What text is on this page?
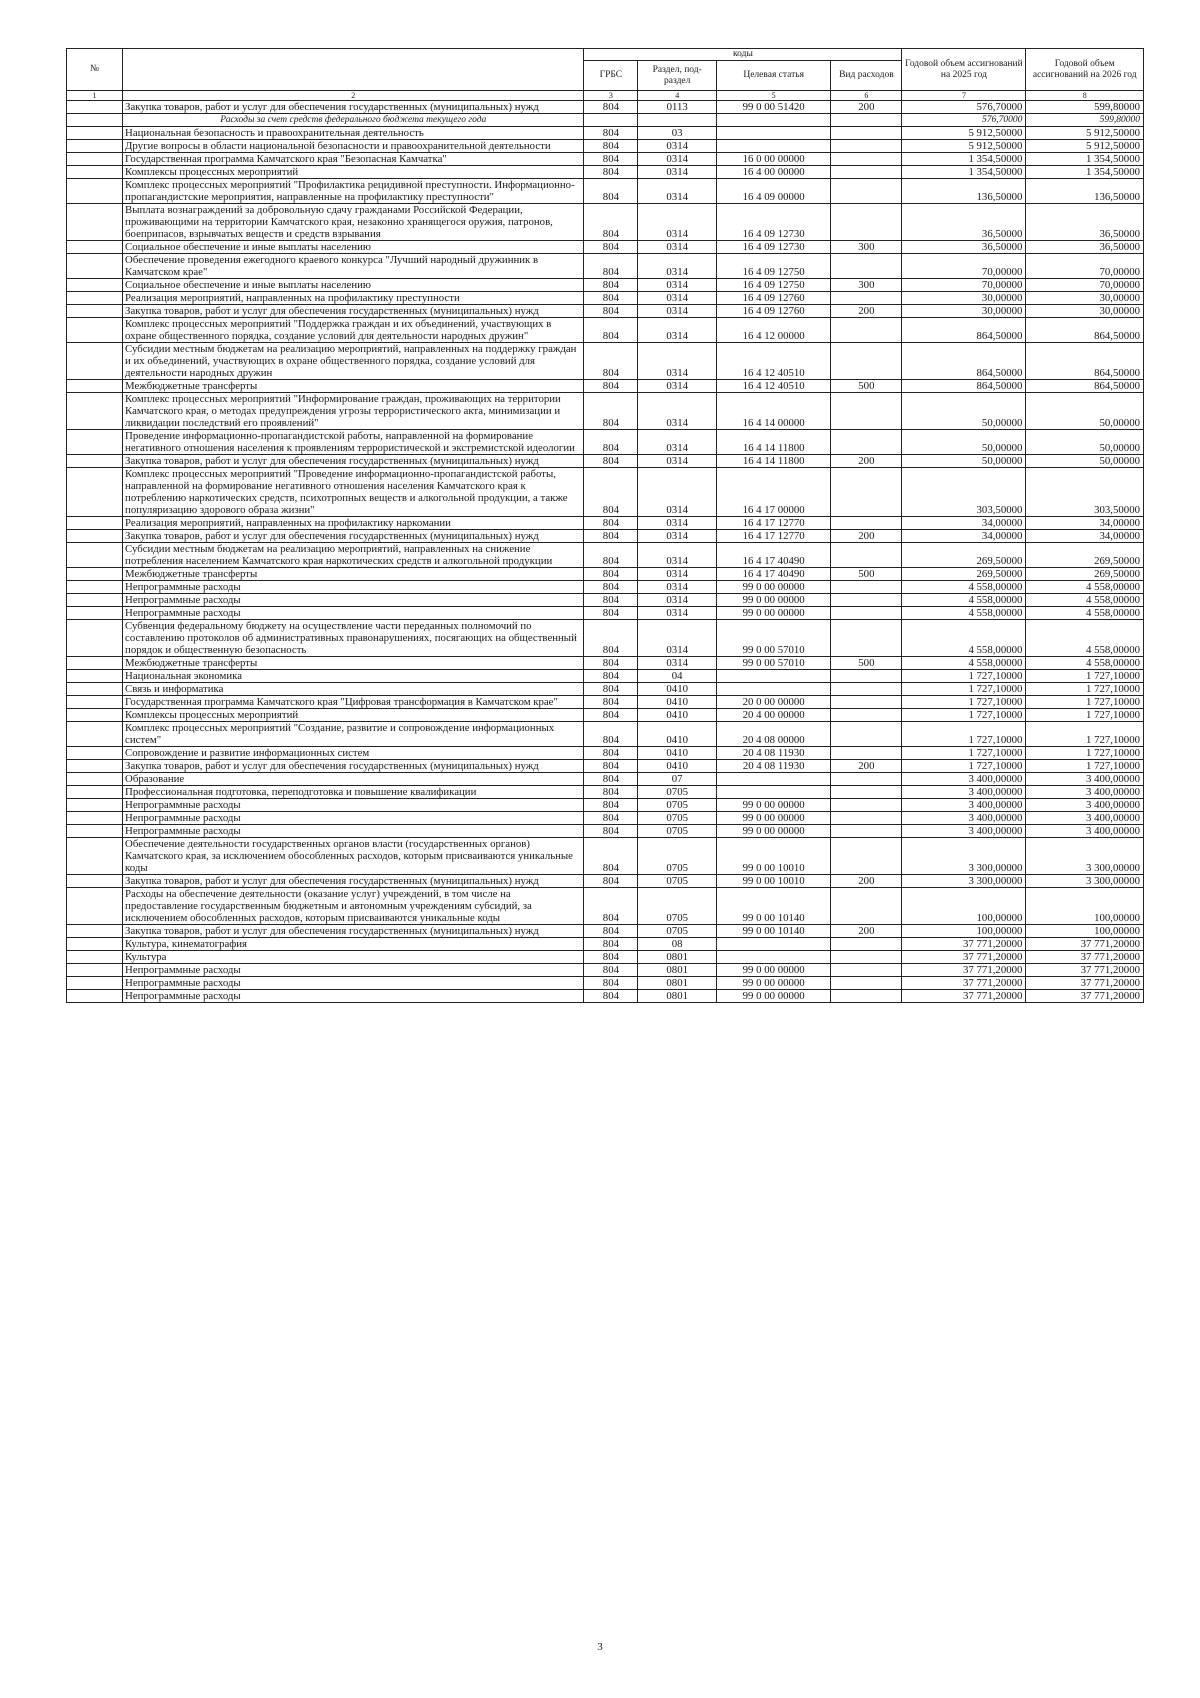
№		коды				Годовой объем ассигнований на 2025 год	Годовой объем ассигнований на 2026 год
		ГРБС	Раздел, под-раздел	Целевая статья	Вид расходов		
1	2	3	4	5	6	7	8
	Закупка товаров, работ и услуг для обеспечения государственных (муниципальных) нужд	804	0113	99 0 00 51420	200	576,70000	599,80000
	Расходы за счет средств федерального бюджета текущего года					576,70000	599,80000
	Национальная безопасность и правоохранительная деятельность	804	03			5 912,50000	5 912,50000
	Другие вопросы в области национальной безопасности и правоохранительной деятельности	804	0314			5 912,50000	5 912,50000
	Государственная программа Камчатского края "Безопасная Камчатка"	804	0314	16 0 00 00000		1 354,50000	1 354,50000
	Комплексы процессных мероприятий	804	0314	16 4 00 00000		1 354,50000	1 354,50000
	Комплекс процессных мероприятий "Профилактика рецидивной преступности. Информационно-пропагандистские мероприятия, направленные на профилактику преступности"	804	0314	16 4 09 00000		136,50000	136,50000
	Выплата вознаграждений за добровольную сдачу гражданами Российской Федерации, проживающими на территории Камчатского края, незаконно хранящегося оружия, патронов, боеприпасов, взрывчатых веществ и средств взрывания	804	0314	16 4 09 12730		36,50000	36,50000
	Социальное обеспечение и иные выплаты населению	804	0314	16 4 09 12730	300	36,50000	36,50000
	Обеспечение проведения ежегодного краевого конкурса "Лучший народный дружинник в Камчатском крае"	804	0314	16 4 09 12750		70,00000	70,00000
	Социальное обеспечение и иные выплаты населению	804	0314	16 4 09 12750	300	70,00000	70,00000
	Реализация мероприятий, направленных на профилактику преступности	804	0314	16 4 09 12760		30,00000	30,00000
	Закупка товаров, работ и услуг для обеспечения государственных (муниципальных) нужд	804	0314	16 4 09 12760	200	30,00000	30,00000
	Комплекс процессных мероприятий "Поддержка граждан и их объединений, участвующих в охране общественного порядка, создание условий для деятельности народных дружин"	804	0314	16 4 12 00000		864,50000	864,50000
	Субсидии местным бюджетам на реализацию мероприятий, направленных на поддержку граждан и их объединений, участвующих в охране общественного порядка, создание условий для деятельности народных дружин	804	0314	16 4 12 40510		864,50000	864,50000
	Межбюджетные трансферты	804	0314	16 4 12 40510	500	864,50000	864,50000
	Комплекс процессных мероприятий "Информирование граждан, проживающих на территории Камчатского края, о методах предупреждения угрозы террористического акта, минимизации и ликвидации последствий его проявлений"	804	0314	16 4 14 00000		50,00000	50,00000
	Проведение информационно-пропагандистской работы, направленной на формирование негативного отношения населения к проявлениям террористической и экстремистской идеологии	804	0314	16 4 14 11800		50,00000	50,00000
	Закупка товаров, работ и услуг для обеспечения государственных (муниципальных) нужд	804	0314	16 4 14 11800	200	50,00000	50,00000
	Комплекс процессных мероприятий "Проведение информационно-пропагандистской работы, направленной на формирование негативного отношения населения Камчатского края к потреблению наркотических средств, психотропных веществ и алкогольной продукции, а также популяризацию здорового образа жизни"	804	0314	16 4 17 00000		303,50000	303,50000
	Реализация мероприятий, направленных на профилактику наркомании	804	0314	16 4 17 12770		34,00000	34,00000
	Закупка товаров, работ и услуг для обеспечения государственных (муниципальных) нужд	804	0314	16 4 17 12770	200	34,00000	34,00000
	Субсидии местным бюджетам на реализацию мероприятий, направленных на снижение потребления населением Камчатского края наркотических средств и алкогольной продукции	804	0314	16 4 17 40490		269,50000	269,50000
	Межбюджетные трансферты	804	0314	16 4 17 40490	500	269,50000	269,50000
	Непрограммные расходы	804	0314	99 0 00 00000		4 558,00000	4 558,00000
	Непрограммные расходы	804	0314	99 0 00 00000		4 558,00000	4 558,00000
	Непрограммные расходы	804	0314	99 0 00 00000		4 558,00000	4 558,00000
	Субвенция федеральному бюджету на осуществление части переданных полномочий по составлению протоколов об административных правонарушениях, посягающих на общественный порядок и общественную безопасность	804	0314	99 0 00 57010		4 558,00000	4 558,00000
	Межбюджетные трансферты	804	0314	99 0 00 57010	500	4 558,00000	4 558,00000
	Национальная экономика	804	04			1 727,10000	1 727,10000
	Связь и информатика	804	0410			1 727,10000	1 727,10000
	Государственная программа Камчатского края "Цифровая трансформация в Камчатском крае"	804	0410	20 0 00 00000		1 727,10000	1 727,10000
	Комплексы процессных мероприятий	804	0410	20 4 00 00000		1 727,10000	1 727,10000
	Комплекс процессных мероприятий "Создание, развитие и сопровождение информационных систем"	804	0410	20 4 08 00000		1 727,10000	1 727,10000
	Сопровождение и развитие информационных систем	804	0410	20 4 08 11930		1 727,10000	1 727,10000
	Закупка товаров, работ и услуг для обеспечения государственных (муниципальных) нужд	804	0410	20 4 08 11930	200	1 727,10000	1 727,10000
	Образование	804	07			3 400,00000	3 400,00000
	Профессиональная подготовка, переподготовка и повышение квалификации	804	0705			3 400,00000	3 400,00000
	Непрограммные расходы	804	0705	99 0 00 00000		3 400,00000	3 400,00000
	Непрограммные расходы	804	0705	99 0 00 00000		3 400,00000	3 400,00000
	Непрограммные расходы	804	0705	99 0 00 00000		3 400,00000	3 400,00000
	Обеспечение деятельности государственных органов власти (государственных органов) Камчатского края, за исключением обособленных расходов, которым присваиваются уникальные коды	804	0705	99 0 00 10010		3 300,00000	3 300,00000
	Закупка товаров, работ и услуг для обеспечения государственных (муниципальных) нужд	804	0705	99 0 00 10010	200	3 300,00000	3 300,00000
	Расходы на обеспечение деятельности (оказание услуг) учреждений, в том числе на предоставление государственным бюджетным и автономным учреждениям субсидий, за исключением обособленных расходов, которым присваиваются уникальные коды	804	0705	99 0 00 10140		100,00000	100,00000
	Закупка товаров, работ и услуг для обеспечения государственных (муниципальных) нужд	804	0705	99 0 00 10140	200	100,00000	100,00000
	Культура, кинематография	804	08			37 771,20000	37 771,20000
	Культура	804	0801			37 771,20000	37 771,20000
	Непрограммные расходы	804	0801	99 0 00 00000		37 771,20000	37 771,20000
	Непрограммные расходы	804	0801	99 0 00 00000		37 771,20000	37 771,20000
	Непрограммные расходы	804	0801	99 0 00 00000		37 771,20000	37 771,20000
3
